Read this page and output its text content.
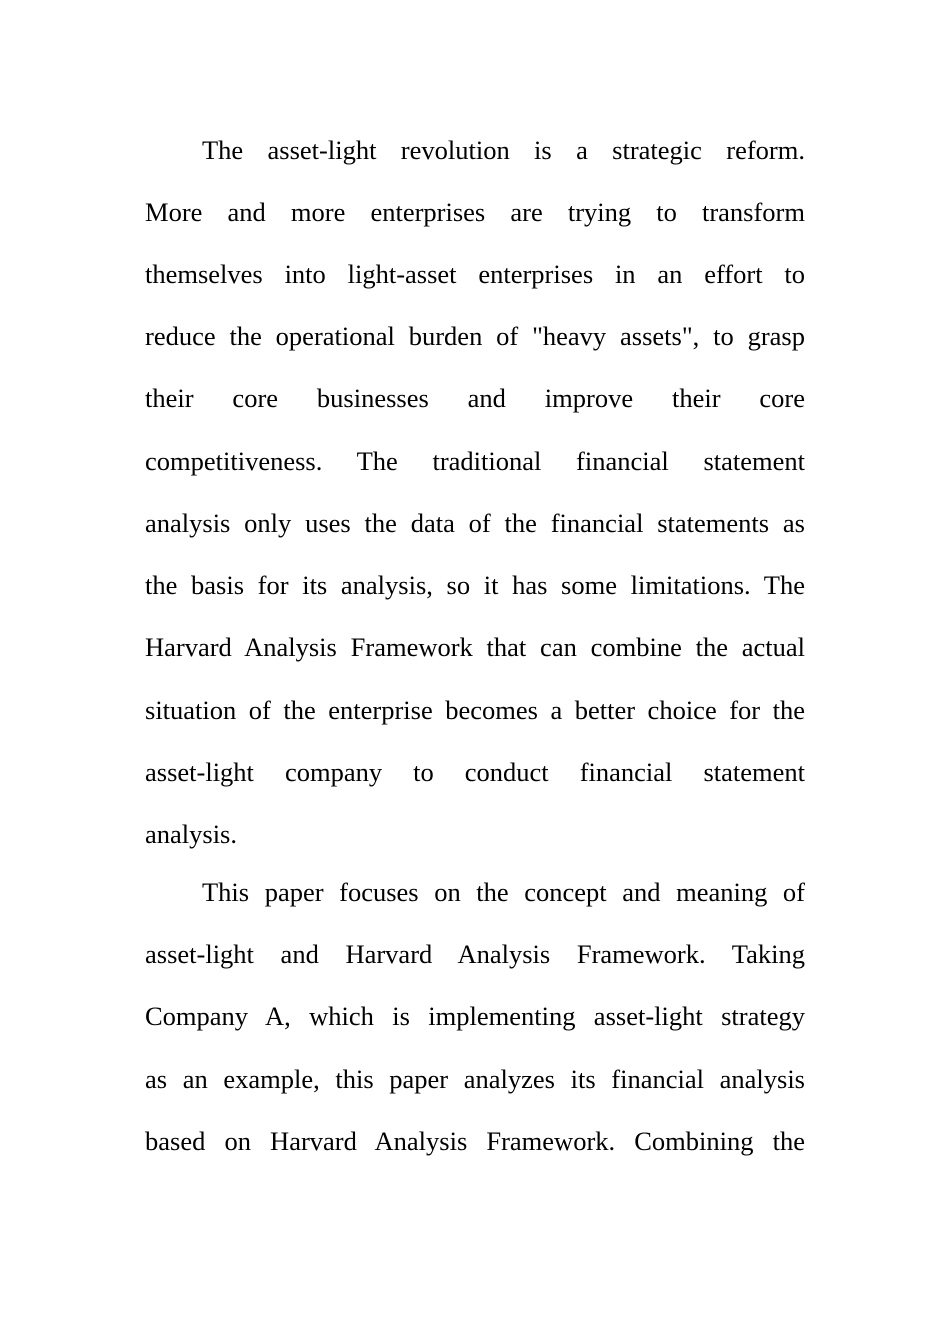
The asset-light revolution is a strategic reform.
More and more enterprises are trying to transform
themselves into light-asset enterprises in an effort to
reduce the operational burden of "heavy assets", to grasp
their core businesses and improve their core
competitiveness. The traditional financial statement
analysis only uses the data of the financial statements as
the basis for its analysis, so it has some limitations. The
Harvard Analysis Framework that can combine the actual
situation of the enterprise becomes a better choice for the
asset-light company to conduct financial statement
analysis.
This paper focuses on the concept and meaning of
asset-light and Harvard Analysis Framework. Taking
Company A, which is implementing asset-light strategy
as an example, this paper analyzes its financial analysis
based on Harvard Analysis Framework. Combining the
